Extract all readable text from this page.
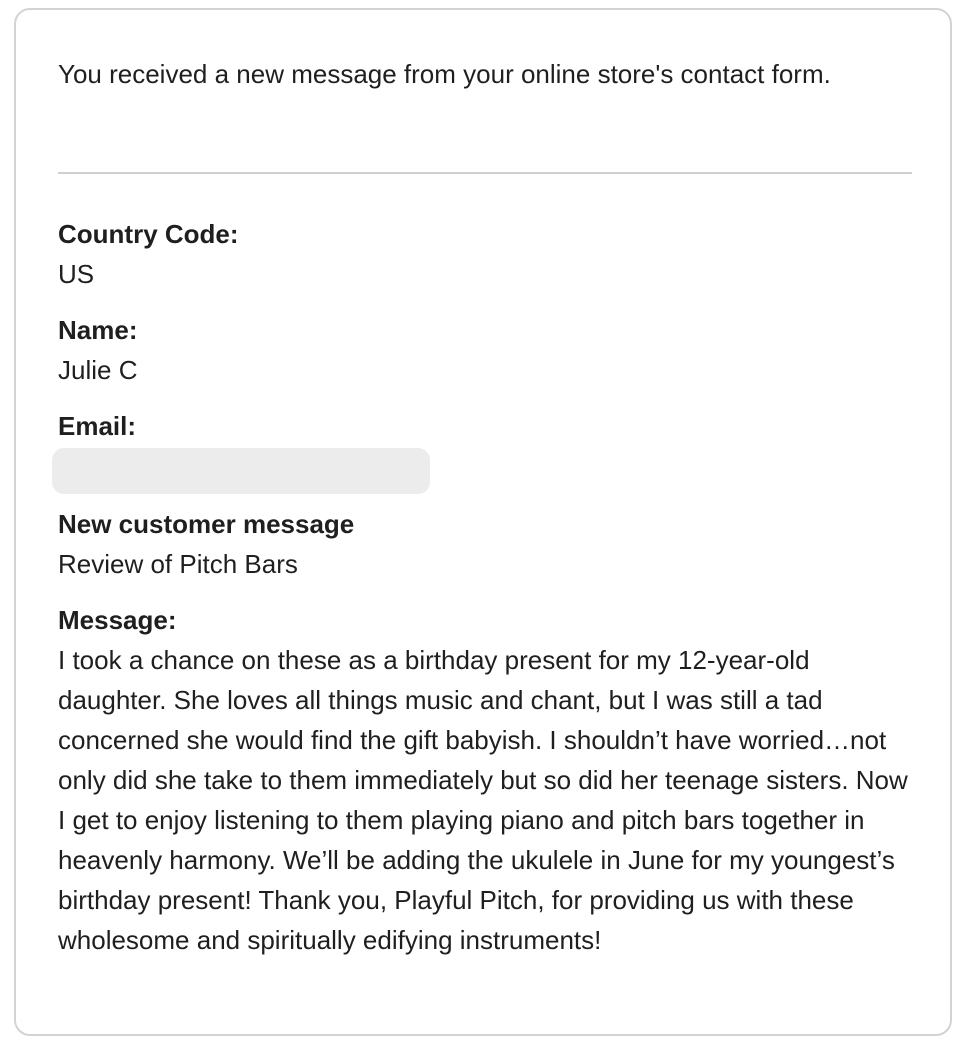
You received a new message from your online store's contact form.

Country Code:
US
Name:
Julie C
Email:
New customer message
Review of Pitch Bars
Message:
I took a chance on these as a birthday present for my 12-year-old daughter. She loves all things music and chant, but I was still a tad concerned she would find the gift babyish. I shouldn’t have worried…not only did she take to them immediately but so did her teenage sisters. Now I get to enjoy listening to them playing piano and pitch bars together in heavenly harmony. We’ll be adding the ukulele in June for my youngest’s birthday present! Thank you, Playful Pitch, for providing us with these wholesome and spiritually edifying instruments!
